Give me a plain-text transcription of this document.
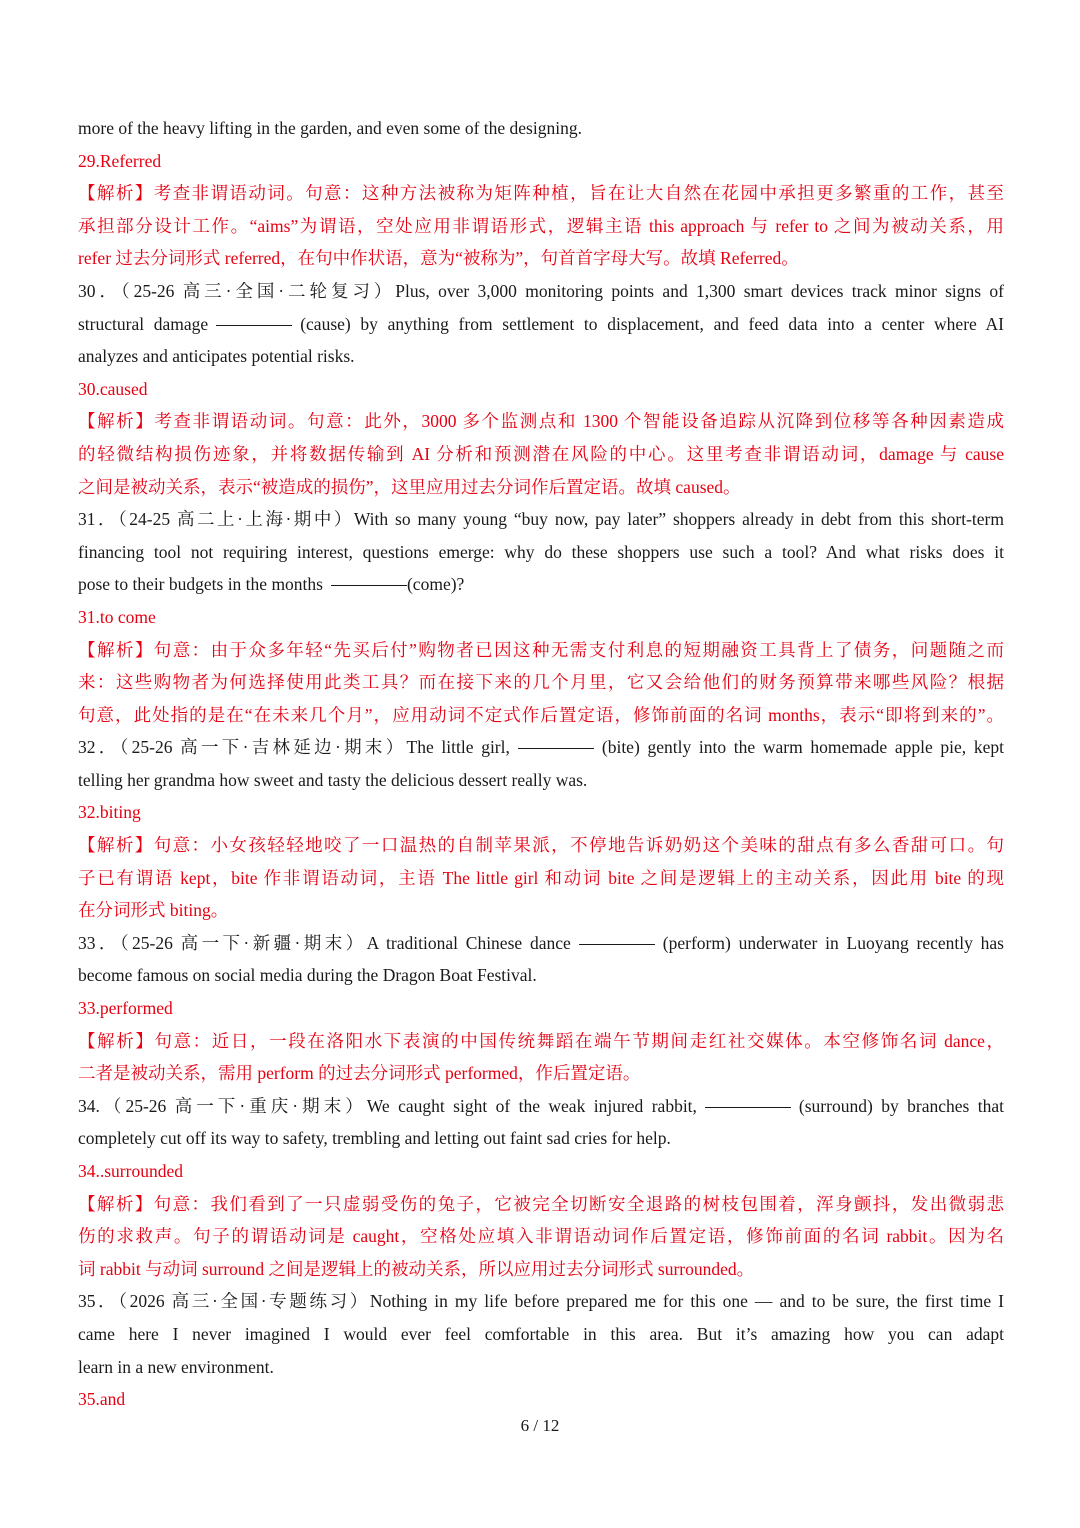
more of the heavy lifting in the garden, and even some of the designing.

29.Referred

【解析】考查非谓语动词。句意：这种方法被称为矩阵种植，旨在让大自然在花园中承担更多繁重的工作，甚至

承担部分设计工作。“aims”为谓语，空处应用非谓语形式，逻辑主语 this approach 与 refer to 之间为被动关系，用

refer 过去分词形式 referred，在句中作状语，意为“被称为”，句首首字母大写。故填 Referred。

30．（25-26 高三·全国·二轮复习）Plus, over 3,000 monitoring points and 1,300 smart devices track minor signs of

structural damage	(cause) by anything from settlement to displacement, and feed data into a center where AI

analyzes and anticipates potential risks.

30.caused

【解析】考查非谓语动词。句意：此外，3000 多个监测点和 1300 个智能设备追踪从沉降到位移等各种因素造成

的轻微结构损伤迹象，并将数据传输到 AI 分析和预测潜在风险的中心。这里考查非谓语动词，damage 与 cause

之间是被动关系，表示“被造成的损伤”，这里应用过去分词作后置定语。故填 caused。

31．（24-25 高二上·上海·期中）With so many young “buy now, pay later” shoppers already in debt from this short-term

financing tool not requiring interest, questions emerge: why do these shoppers use such a tool? And what risks does it

pose to their budgets in the months	(come)?

31.to come

【解析】句意：由于众多年轻“先买后付”购物者已因这种无需支付利息的短期融资工具背上了债务，问题随之而

来：这些购物者为何选择使用此类工具？而在接下来的几个月里，它又会给他们的财务预算带来哪些风险？根据

句意，此处指的是在“在未来几个月”，应用动词不定式作后置定语，修饰前面的名词 months，表示“即将到来的”。

32．（25-26 高一下·吉林延边·期末）The little girl,	(bite) gently into the warm homemade apple pie, kept

telling her grandma how sweet and tasty the delicious dessert really was.

32.biting

【解析】句意：小女孩轻轻地咬了一口温热的自制苹果派，不停地告诉奶奶这个美味的甜点有多么香甜可口。句

子已有谓语 kept，bite 作非谓语动词，主语 The little girl 和动词 bite 之间是逻辑上的主动关系，因此用 bite 的现

在分词形式 biting。

33．（25-26 高一下·新疆·期末）A traditional Chinese dance	(perform) underwater in Luoyang recently has

become famous on social media during the Dragon Boat Festival.

33.performed

【解析】句意：近日，一段在洛阳水下表演的中国传统舞蹈在端午节期间走红社交媒体。本空修饰名词 dance，

二者是被动关系，需用 perform 的过去分词形式 performed，作后置定语。

34.（25-26 高一下·重庆·期末）We caught sight of the weak injured rabbit,	(surround) by branches that

completely cut off its way to safety, trembling and letting out faint sad cries for help.

34..surrounded

【解析】句意：我们看到了一只虚弱受伤的兔子，它被完全切断安全退路的树枝包围着，浑身颤抖，发出微弱悲

伤的求救声。句子的谓语动词是 caught，空格处应填入非谓语动词作后置定语，修饰前面的名词 rabbit。因为名

词 rabbit 与动词 surround 之间是逻辑上的被动关系，所以应用过去分词形式 surrounded。

35．（2026 高三·全国·专题练习）Nothing in my life before prepared me for this one — and to be sure, the first time I

came here I never imagined I would ever feel comfortable in this area. But it’s amazing how you can adapt

learn in a new environment.

35.and

6 / 12
